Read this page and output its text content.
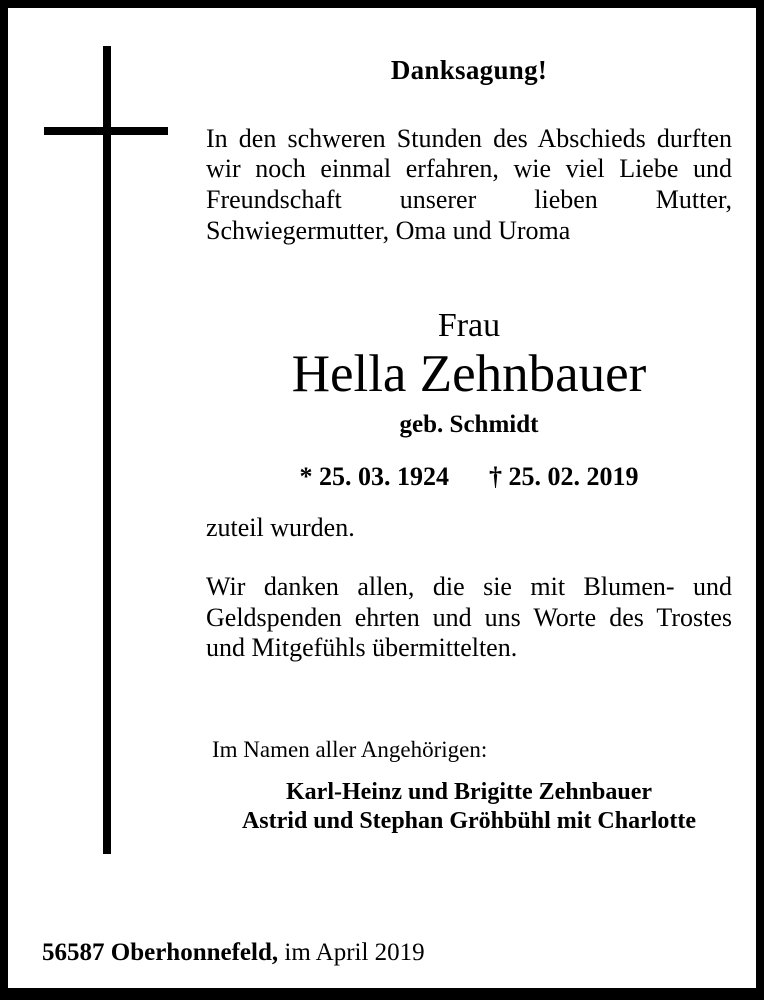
Danksagung!
In den schweren Stunden des Abschieds durften wir noch einmal erfahren, wie viel Liebe und Freundschaft unserer lieben Mutter, Schwiegermutter, Oma und Uroma
Frau
Hella Zehnbauer
geb. Schmidt
* 25. 03. 1924 † 25. 02. 2019
zuteil wurden.
Wir danken allen, die sie mit Blumen- und Geldspenden ehrten und uns Worte des Trostes und Mitgefühls übermittelten.
Im Namen aller Angehörigen:
Karl-Heinz und Brigitte Zehnbauer
Astrid und Stephan Gröhbühl mit Charlotte
56587 Oberhonnefeld, im April 2019
